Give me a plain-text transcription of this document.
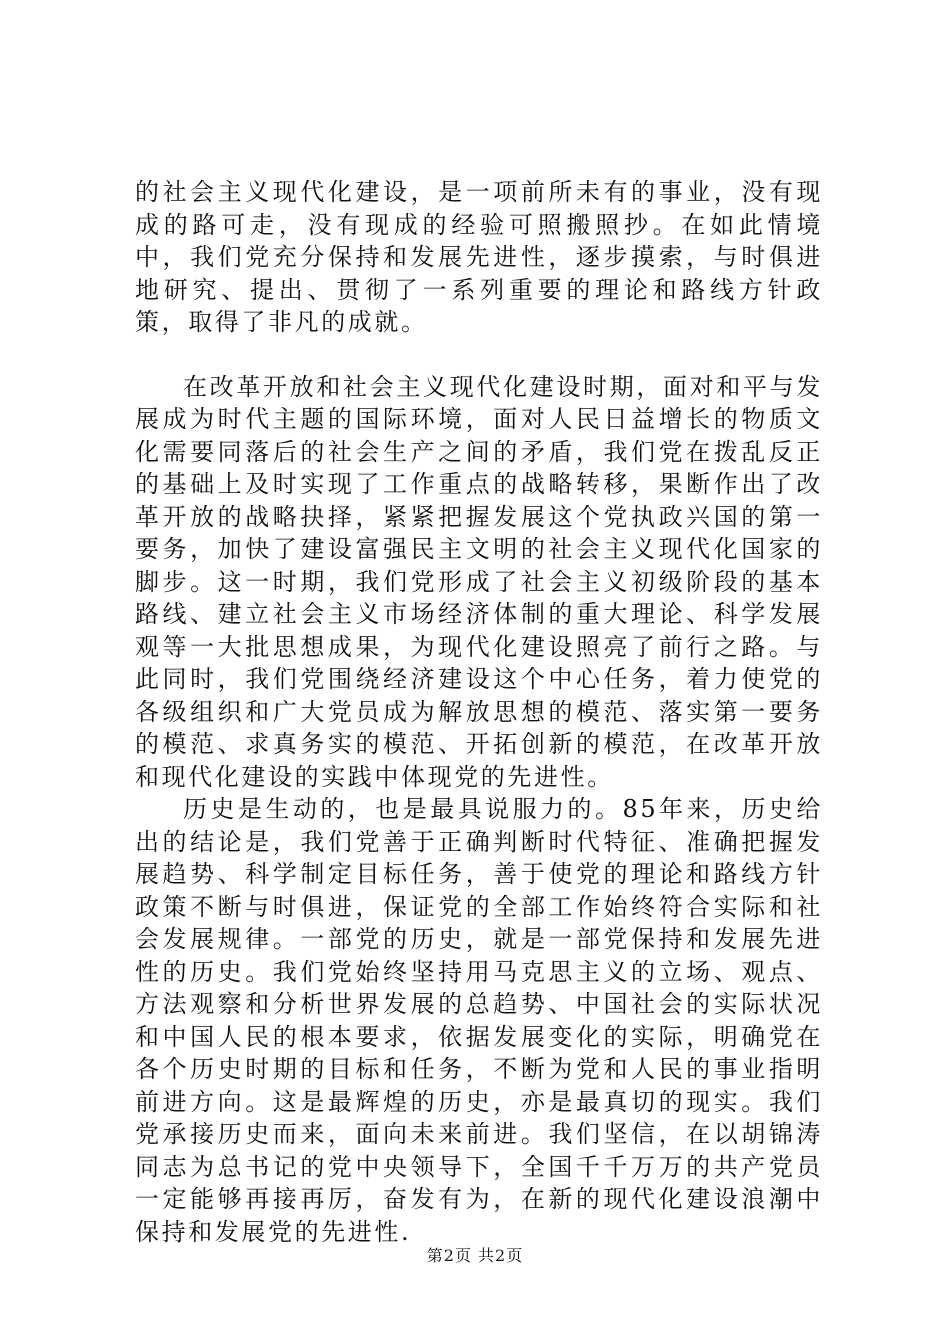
的社会主义现代化建设，是一项前所未有的事业，没有现成的路可走，没有现成的经验可照搬照抄。在如此情境中，我们党充分保持和发展先进性，逐步摸索，与时俱进地研究、提出、贯彻了一系列重要的理论和路线方针政策，取得了非凡的成就。

在改革开放和社会主义现代化建设时期，面对和平与发展成为时代主题的国际环境，面对人民日益增长的物质文化需要同落后的社会生产之间的矛盾，我们党在拨乱反正的基础上及时实现了工作重点的战略转移，果断作出了改革开放的战略抉择，紧紧把握发展这个党执政兴国的第一要务，加快了建设富强民主文明的社会主义现代化国家的脚步。这一时期，我们党形成了社会主义初级阶段的基本路线、建立社会主义市场经济体制的重大理论、科学发展观等一大批思想成果，为现代化建设照亮了前行之路。与此同时，我们党围绕经济建设这个中心任务，着力使党的各级组织和广大党员成为解放思想的模范、落实第一要务的模范、求真务实的模范、开拓创新的模范，在改革开放和现代化建设的实践中体现党的先进性。

历史是生动的，也是最具说服力的。85年来，历史给出的结论是，我们党善于正确判断时代特征、准确把握发展趋势、科学制定目标任务，善于使党的理论和路线方针政策不断与时俱进，保证党的全部工作始终符合实际和社会发展规律。一部党的历史，就是一部党保持和发展先进性的历史。我们党始终坚持用马克思主义的立场、观点、方法观察和分析世界发展的总趋势、中国社会的实际状况和中国人民的根本要求，依据发展变化的实际，明确党在各个历史时期的目标和任务，不断为党和人民的事业指明前进方向。这是最辉煌的历史，亦是最真切的现实。我们党承接历史而来，面向未来前进。我们坚信，在以胡锦涛同志为总书记的党中央领导下，全国千千万万的共产党员一定能够再接再厉，奋发有为，在新的现代化建设浪潮中保持和发展党的先进性.

第2页 共2页
